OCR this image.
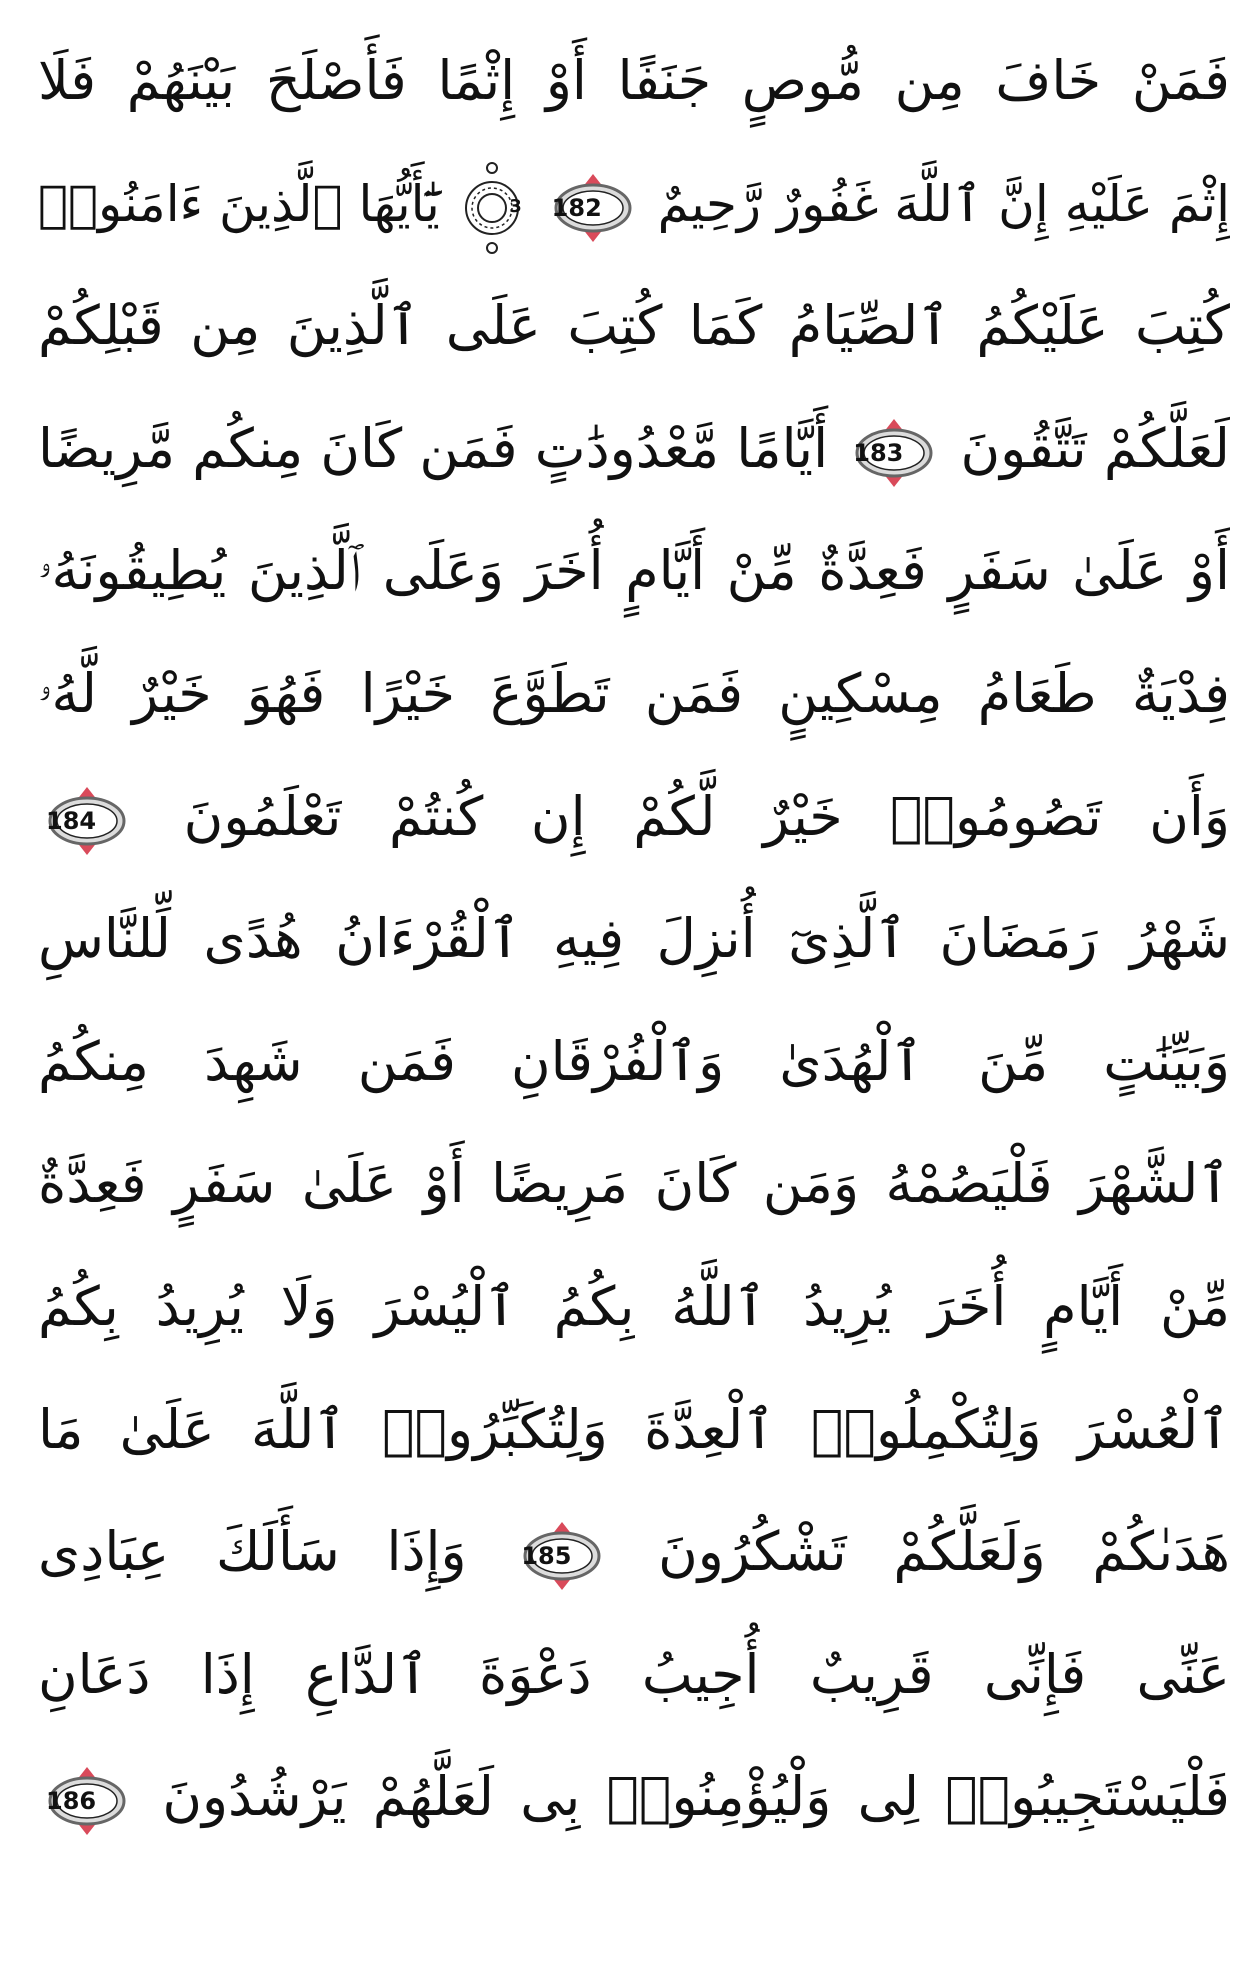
فَمَنْ خَافَ مِن مُّوصٍ جَنَفًا أَوْ إِثْمًا فَأَصْلَحَ بَيْنَهُمْ فَلَا
إِثْمَ عَلَيْهِ إِنَّ ٱللَّهَ غَفُورٌ رَّحِيمٌ
182

3
يَٰٓأَيُّهَا ٱلَّذِينَ ءَامَنُوا۟
كُتِبَ عَلَيْكُمُ ٱلصِّيَامُ كَمَا كُتِبَ عَلَى ٱلَّذِينَ مِن قَبْلِكُمْ
لَعَلَّكُمْ تَتَّقُونَ
183
أَيَّامًا مَّعْدُودَٰتٍ فَمَن كَانَ مِنكُم مَّرِيضًا
أَوْ عَلَىٰ سَفَرٍ فَعِدَّةٌ مِّنْ أَيَّامٍ أُخَرَ وَعَلَى ٱلَّذِينَ يُطِيقُونَهُۥ
فِدْيَةٌ طَعَامُ مِسْكِينٍ فَمَن تَطَوَّعَ خَيْرًا فَهُوَ خَيْرٌ لَّهُۥ
وَأَن تَصُومُوا۟ خَيْرٌ لَّكُمْ إِن كُنتُمْ تَعْلَمُونَ
184
شَهْرُ رَمَضَانَ ٱلَّذِىٓ أُنزِلَ فِيهِ ٱلْقُرْءَانُ هُدًى لِّلنَّاسِ
وَبَيِّنَٰتٍ مِّنَ ٱلْهُدَىٰ وَٱلْفُرْقَانِ فَمَن شَهِدَ مِنكُمُ
ٱلشَّهْرَ فَلْيَصُمْهُ وَمَن كَانَ مَرِيضًا أَوْ عَلَىٰ سَفَرٍ فَعِدَّةٌ
مِّنْ أَيَّامٍ أُخَرَ يُرِيدُ ٱللَّهُ بِكُمُ ٱلْيُسْرَ وَلَا يُرِيدُ بِكُمُ
ٱلْعُسْرَ وَلِتُكْمِلُوا۟ ٱلْعِدَّةَ وَلِتُكَبِّرُوا۟ ٱللَّهَ عَلَىٰ مَا
هَدَىٰكُمْ وَلَعَلَّكُمْ تَشْكُرُونَ
185
وَإِذَا سَأَلَكَ عِبَادِى
عَنِّى فَإِنِّى قَرِيبٌ أُجِيبُ دَعْوَةَ ٱلدَّاعِ إِذَا دَعَانِ
فَلْيَسْتَجِيبُوا۟ لِى وَلْيُؤْمِنُوا۟ بِى لَعَلَّهُمْ يَرْشُدُونَ
186
